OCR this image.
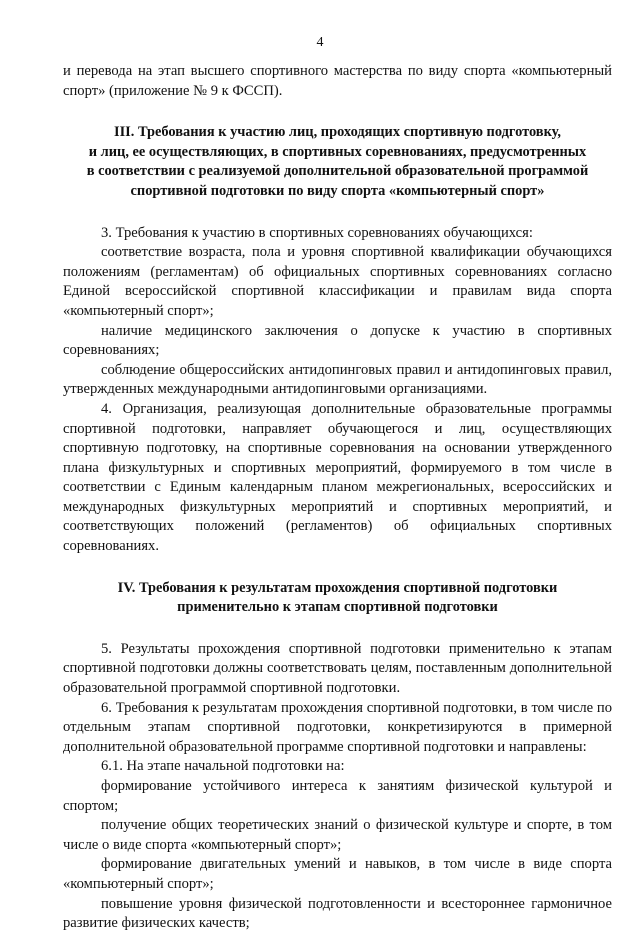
4

и перевода на этап высшего спортивного мастерства по виду спорта «компьютерный спорт» (приложение № 9 к ФССП).

III. Требования к участию лиц, проходящих спортивную подготовку,
и лиц, ее осуществляющих, в спортивных соревнованиях, предусмотренных
в соответствии с реализуемой дополнительной образовательной программой
спортивной подготовки по виду спорта «компьютерный спорт»

3. Требования к участию в спортивных соревнованиях обучающихся:

соответствие возраста, пола и уровня спортивной квалификации обучающихся положениям (регламентам) об официальных спортивных соревнованиях согласно Единой всероссийской спортивной классификации и правилам вида спорта «компьютерный спорт»;

наличие медицинского заключения о допуске к участию в спортивных соревнованиях;

соблюдение общероссийских антидопинговых правил и антидопинговых правил, утвержденных международными антидопинговыми организациями.

4. Организация, реализующая дополнительные образовательные программы спортивной подготовки, направляет обучающегося и лиц, осуществляющих спортивную подготовку, на спортивные соревнования на основании утвержденного плана физкультурных и спортивных мероприятий, формируемого в том числе в соответствии с Единым календарным планом межрегиональных, всероссийских и международных физкультурных мероприятий и спортивных мероприятий, и соответствующих положений (регламентов) об официальных спортивных соревнованиях.

IV. Требования к результатам прохождения спортивной подготовки
применительно к этапам спортивной подготовки

5. Результаты прохождения спортивной подготовки применительно к этапам спортивной подготовки должны соответствовать целям, поставленным дополнительной образовательной программой спортивной подготовки.

6. Требования к результатам прохождения спортивной подготовки, в том числе по отдельным этапам спортивной подготовки, конкретизируются в примерной дополнительной образовательной программе спортивной подготовки и направлены:

6.1. На этапе начальной подготовки на:

формирование устойчивого интереса к занятиям физической культурой и спортом;

получение общих теоретических знаний о физической культуре и спорте, в том числе о виде спорта «компьютерный спорт»;

формирование двигательных умений и навыков, в том числе в виде спорта «компьютерный спорт»;

повышение уровня физической подготовленности и всестороннее гармоничное развитие физических качеств;
